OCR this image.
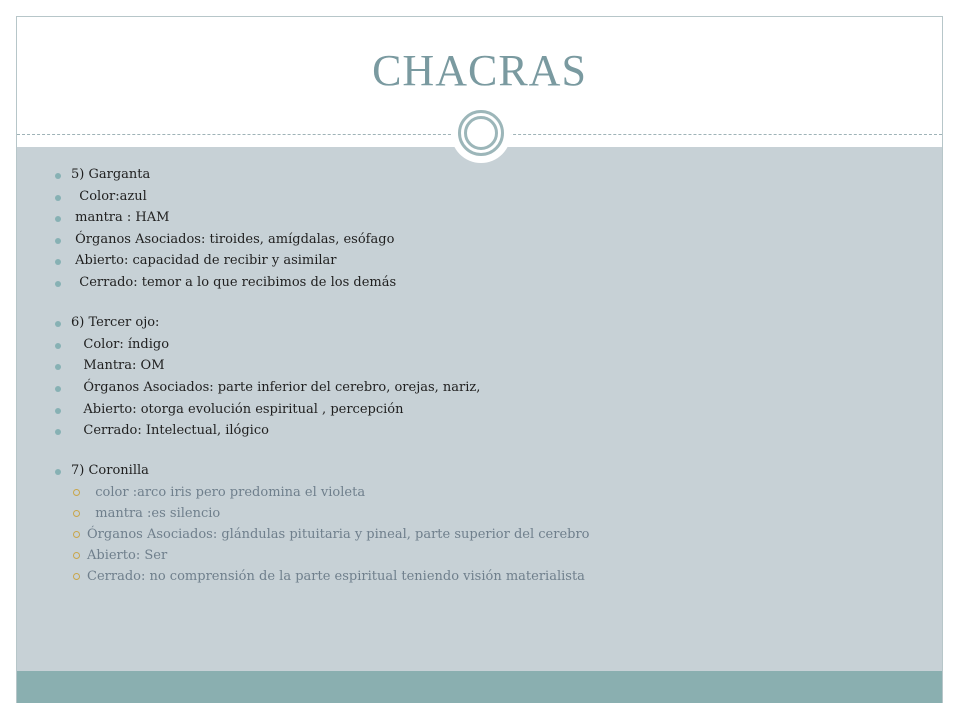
CHACRAS
5) Garganta
Color:azul
mantra : HAM
Órganos Asociados: tiroides, amígdalas, esófago
Abierto: capacidad de recibir y asimilar
Cerrado: temor a lo que recibimos de los demás
6) Tercer ojo:
Color: índigo
Mantra: OM
Órganos Asociados: parte inferior del cerebro, orejas, nariz,
Abierto: otorga evolución espiritual , percepción
Cerrado: Intelectual, ilógico
7) Coronilla
color :arco iris pero predomina el violeta
mantra :es silencio
Órganos Asociados: glándulas pituitaria y pineal, parte superior del cerebro
Abierto: Ser
Cerrado: no comprensión de la parte espiritual teniendo visión materialista
